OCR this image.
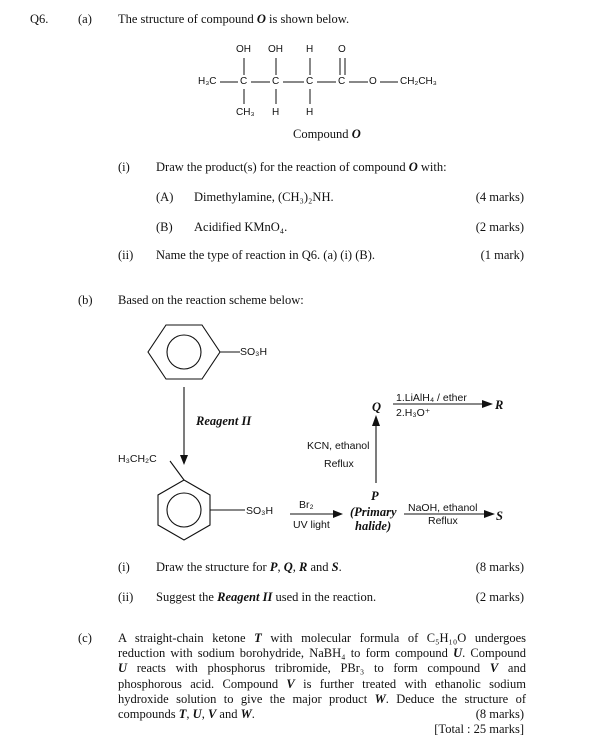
Q6. (a) The structure of compound O is shown below.
OH OH H O
H₃C C C	C C O CH₂CH₃
CH₃ H	H
Compound O
(i) Draw the product(s) for the reaction of compound O with:
(A) Dimethylamine, (CH₃)₂NH.	(4 marks)
(B) Acidified KMnO₄.	(2 marks)
(ii) Name the type of reaction in Q6. (a) (i) (B).	(1 mark)
(b) Based on the reaction scheme below:
SO₃H
Reagent II
H₃CH₂C
SO₃H Br₂
UV light
P
(Primary
halide)
KCN, ethanol
Reflux
Q
1.LiAlH₄ / ether
2.H₃O⁺
R
NaOH, ethanol
Reflux	S
(i) Draw the structure for P, Q, R and S.	(8 marks)
(ii) Suggest the Reagent II used in the reaction.	(2 marks)
(c) A straight-chain ketone T with molecular formula of C₅H₁₀O undergoes
reduction with sodium borohydride, NaBH₄ to form compound U. Compound
U reacts with phosphorus tribromide, PBr₃ to form compound V and
phosphorous acid. Compound V is further treated with ethanolic sodium
hydroxide solution to give the major product W. Deduce the structure of
compounds T, U, V and W.	(8 marks)
[Total : 25 marks]
